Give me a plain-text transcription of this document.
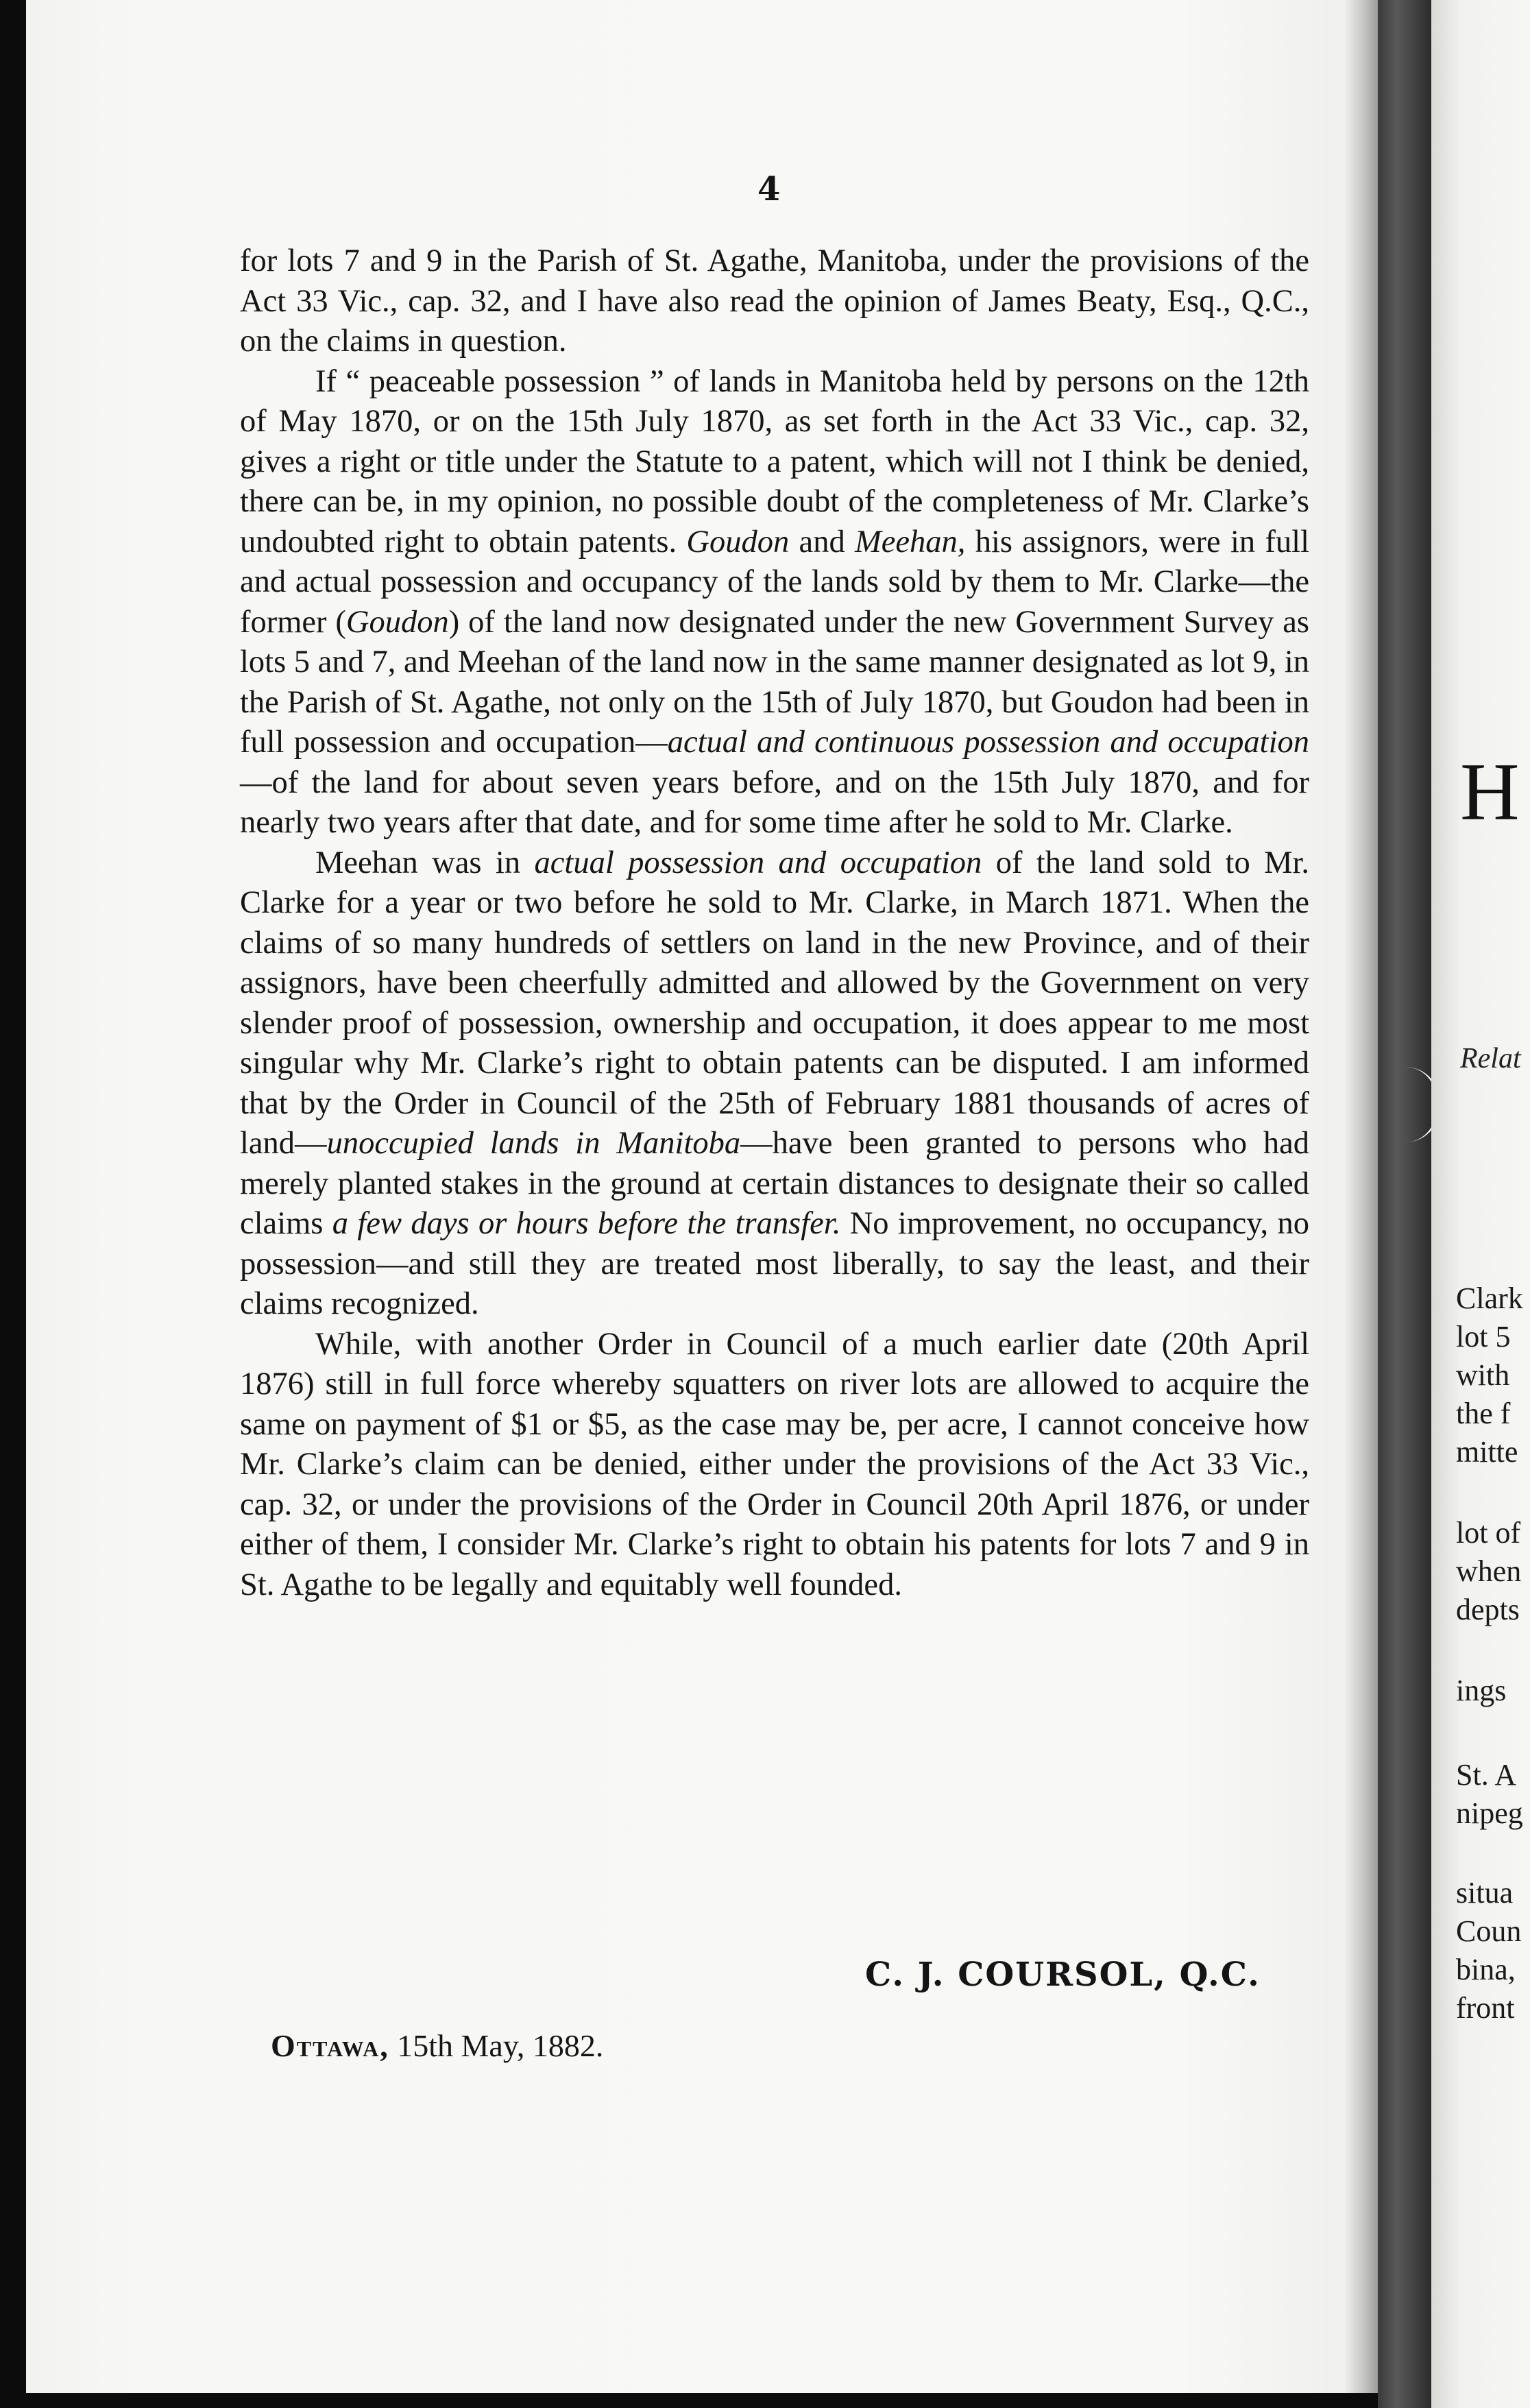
H
Relat
Clark
lot 5
with
the f
mitte
lot of
when
depts
ings
St. A
nipeg
situa
Coun
bina,
front
4

for lots 7 and 9 in the Parish of St. Agathe, Manitoba, under the provisions of the Act 33 Vic., cap. 32, and I have also read the opinion of James Beaty, Esq., Q.C., on the claims in question.

If “ peaceable possession ” of lands in Manitoba held by persons on the 12th of May 1870, or on the 15th July 1870, as set forth in the Act 33 Vic., cap. 32, gives a right or title under the Statute to a patent, which will not I think be denied, there can be, in my opinion, no possible doubt of the completeness of Mr. Clarke’s undoubted right to obtain patents. Goudon and Meehan, his assignors, were in full and actual possession and occupancy of the lands sold by them to Mr. Clarke—the former (Goudon) of the land now designated under the new Government Survey as lots 5 and 7, and Meehan of the land now in the same manner designated as lot 9, in the Parish of St. Agathe, not only on the 15th of July 1870, but Goudon had been in full possession and occupation—actual and continuous possession and occupation—of the land for about seven years before, and on the 15th July 1870, and for nearly two years after that date, and for some time after he sold to Mr. Clarke.

Meehan was in actual possession and occupation of the land sold to Mr. Clarke for a year or two before he sold to Mr. Clarke, in March 1871. When the claims of so many hundreds of settlers on land in the new Province, and of their assignors, have been cheerfully admitted and allowed by the Government on very slender proof of possession, ownership and occupation, it does appear to me most singular why Mr. Clarke’s right to obtain patents can be disputed. I am informed that by the Order in Council of the 25th of February 1881 thousands of acres of land—unoccupied lands in Manitoba—have been granted to persons who had merely planted stakes in the ground at certain distances to designate their so called claims a few days or hours before the transfer. No improvement, no occupancy, no possession—and still they are treated most liberally, to say the least, and their claims recognized.

While, with another Order in Council of a much earlier date (20th April 1876) still in full force whereby squatters on river lots are allowed to acquire the same on payment of $1 or $5, as the case may be, per acre, I cannot conceive how Mr. Clarke’s claim can be denied, either under the provisions of the Act 33 Vic., cap. 32, or under the provisions of the Order in Council 20th April 1876, or under either of them, I consider Mr. Clarke’s right to obtain his patents for lots 7 and 9 in St. Agathe to be legally and equitably well founded.

C. J. COURSOL, Q.C.
Ottawa, 15th May, 1882.
